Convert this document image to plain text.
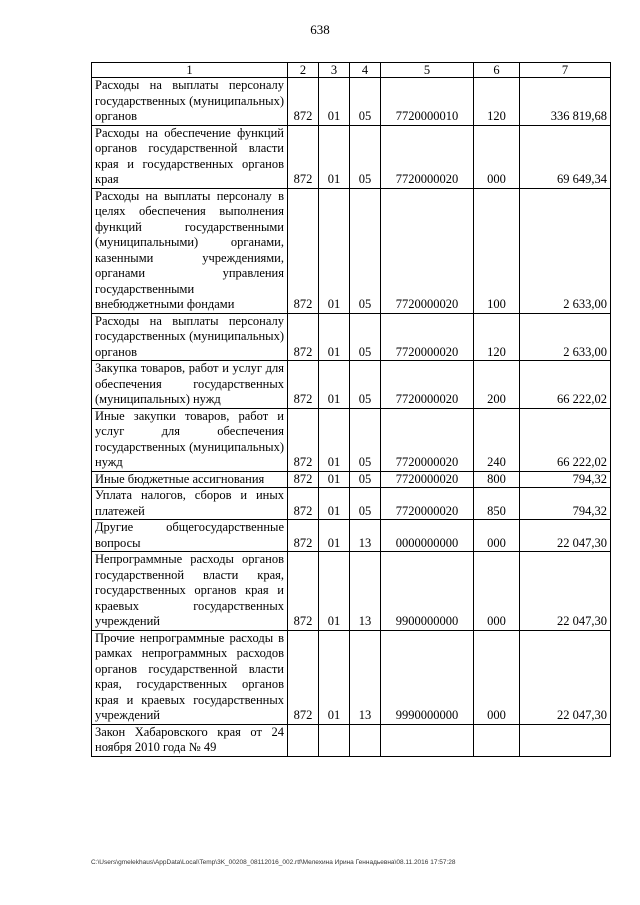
638
1	2	3	4	5	6	7
Расходы на выплаты персоналу государственных (муниципальных) органов	872	01	05	7720000010	120	336 819,68
Расходы на обеспечение функций органов государственной власти края и государственных органов края	872	01	05	7720000020	000	69 649,34
Расходы на выплаты персоналу в целях обеспечения выполнения функций государственными (муниципальными) органами, казенными учреждениями, органами управления государственными внебюджетными фондами	872	01	05	7720000020	100	2 633,00
Расходы на выплаты персоналу государственных (муниципальных) органов	872	01	05	7720000020	120	2 633,00
Закупка товаров, работ и услуг для обеспечения государственных (муниципальных) нужд	872	01	05	7720000020	200	66 222,02
Иные закупки товаров, работ и услуг для обеспечения государственных (муниципальных) нужд	872	01	05	7720000020	240	66 222,02
Иные бюджетные ассигнования	872	01	05	7720000020	800	794,32
Уплата налогов, сборов и иных платежей	872	01	05	7720000020	850	794,32
Другие общегосударственные вопросы	872	01	13	0000000000	000	22 047,30
Непрограммные расходы органов государственной власти края, государственных органов края и краевых государственных учреждений	872	01	13	9900000000	000	22 047,30
Прочие непрограммные расходы в рамках непрограммных расходов органов государственной власти края, государственных органов края и краевых государственных учреждений	872	01	13	9990000000	000	22 047,30
Закон Хабаровского края от 24 ноября 2010 года № 49						
C:\Users\gmelekhaus\AppData\Local\Temp\3K_00208_08112016_002.rtf\Мелехина Ирина Геннадьевна\08.11.2016 17:57:28
